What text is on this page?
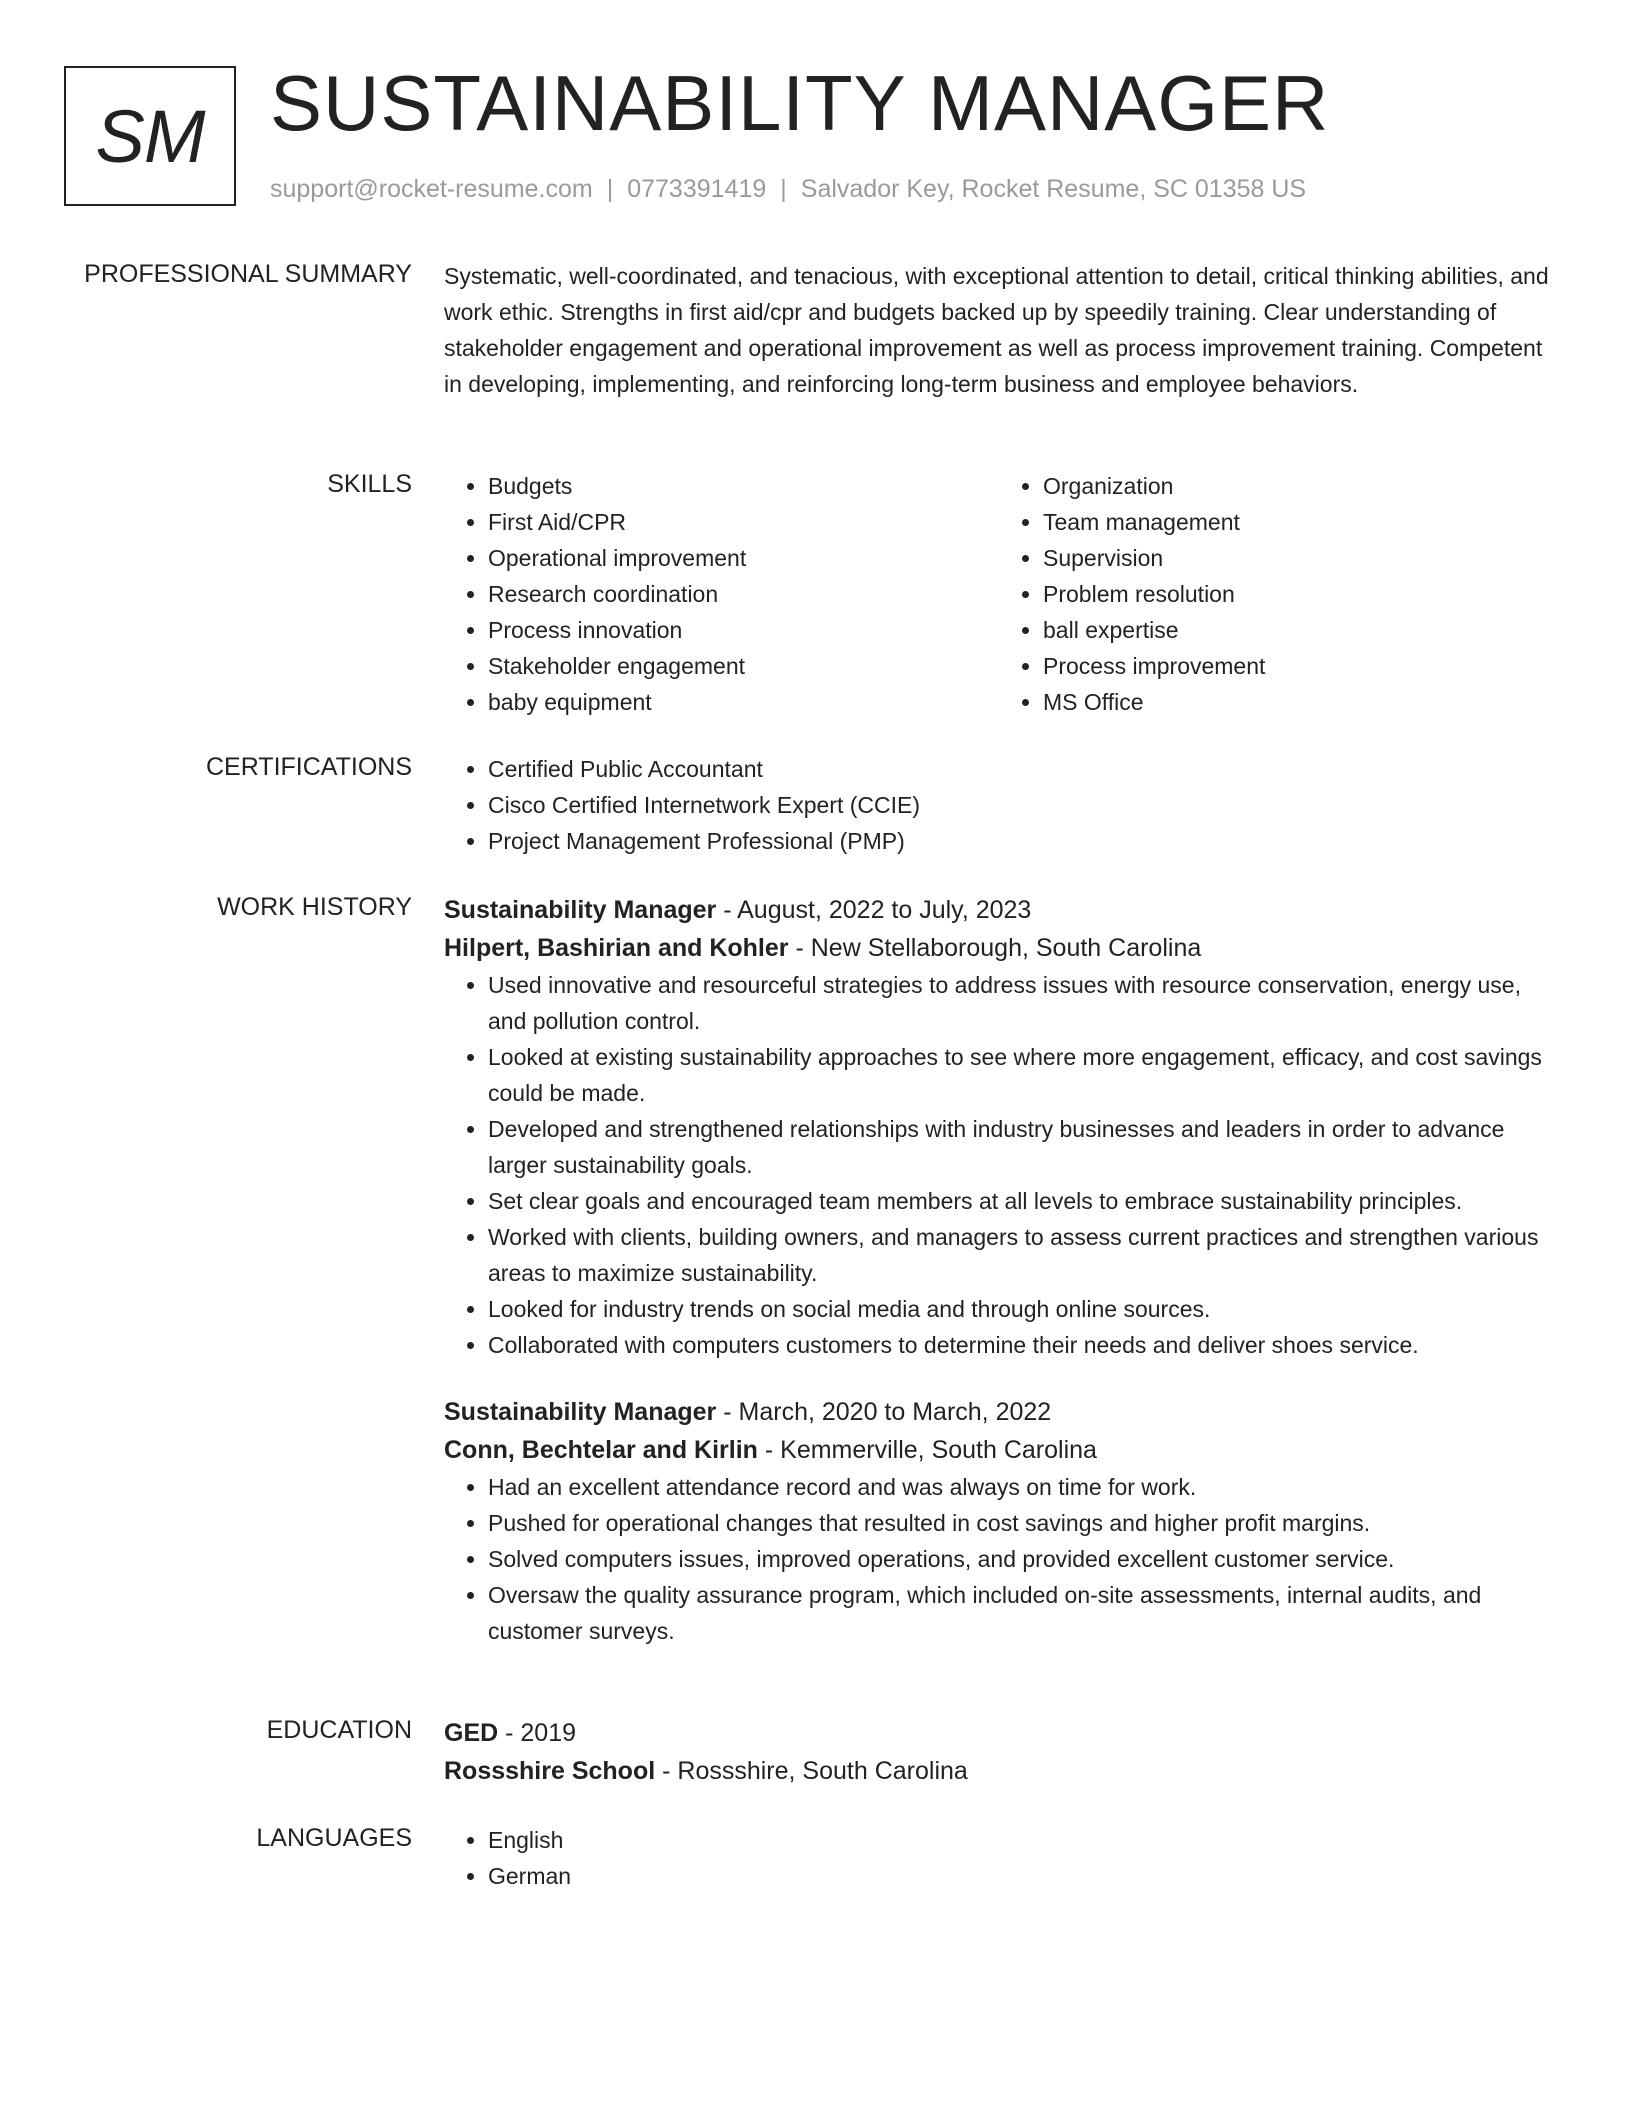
SM SUSTAINABILITY MANAGER
support@rocket-resume.com | 0773391419 | Salvador Key, Rocket Resume, SC 01358 US
PROFESSIONAL SUMMARY Systematic, well-coordinated, and tenacious, with exceptional attention to detail, critical thinking abilities, and work ethic. Strengths in first aid/cpr and budgets backed up by speedily training. Clear understanding of stakeholder engagement and operational improvement as well as process improvement training. Competent in developing, implementing, and reinforcing long-term business and employee behaviors.

SKILLS	• Budgets
• First Aid/CPR
• Operational improvement
• Research coordination
• Process innovation
• Stakeholder engagement
• baby equipment
• Organization
• Team management
• Supervision
• Problem resolution
• ball expertise
• Process improvement
• MS Office
CERTIFICATIONS	• Certified Public Accountant
• Cisco Certified Internetwork Expert (CCIE)
• Project Management Professional (PMP)
WORK HISTORY Sustainability Manager - August, 2022 to July, 2023
Hilpert, Bashirian and Kohler - New Stellaborough, South Carolina
• Used innovative and resourceful strategies to address issues with resource conservation, energy use, and pollution control.
• Looked at existing sustainability approaches to see where more engagement, efficacy, and cost savings could be made.
• Developed and strengthened relationships with industry businesses and leaders in order to advance larger sustainability goals.
• Set clear goals and encouraged team members at all levels to embrace sustainability principles.
• Worked with clients, building owners, and managers to assess current practices and strengthen various areas to maximize sustainability.
• Looked for industry trends on social media and through online sources.
• Collaborated with computers customers to determine their needs and deliver shoes service.
Sustainability Manager - March, 2020 to March, 2022
Conn, Bechtelar and Kirlin - Kemmerville, South Carolina
• Had an excellent attendance record and was always on time for work.
• Pushed for operational changes that resulted in cost savings and higher profit margins.
• Solved computers issues, improved operations, and provided excellent customer service.
• Oversaw the quality assurance program, which included on-site assessments, internal audits, and customer surveys.
EDUCATION GED - 2019
Rossshire School - Rossshire, South Carolina
LANGUAGES	• English
• German
